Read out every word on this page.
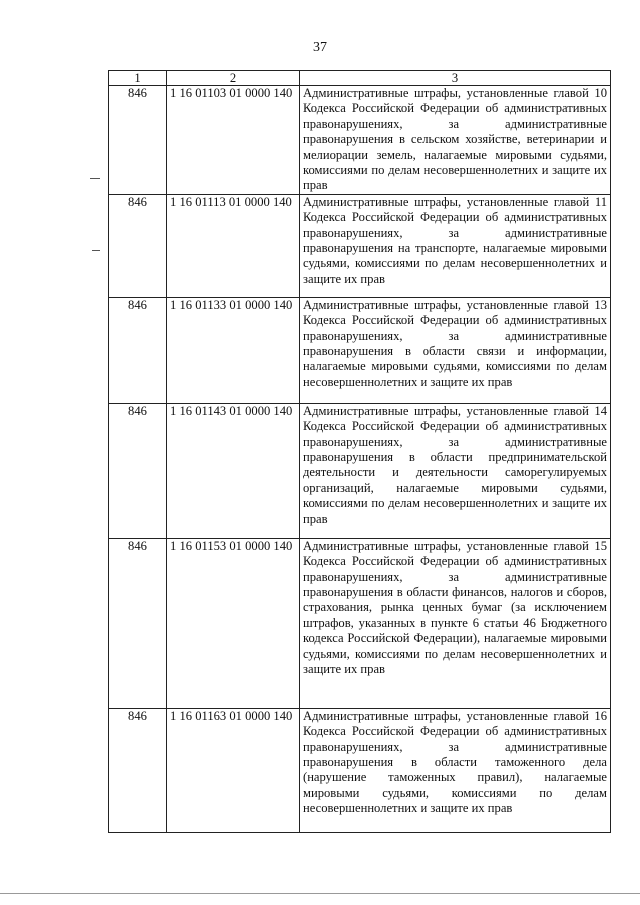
37
1	2	3
846	1 16 01103 01 0000 140	Административные штрафы, установленные главой 10 Кодекса Российской Федерации об административных правонарушениях, за административные правонарушения в сельском хозяйстве, ветеринарии и мелиорации земель, налагаемые мировыми судьями, комиссиями по делам несовершеннолетних и защите их прав

846	1 16 01113 01 0000 140	Административные штрафы, установленные главой 11 Кодекса Российской Федерации об административных правонарушениях, за административные правонарушения на транспорте, налагаемые мировыми судьями, комиссиями по делам несовершеннолетних и защите их прав

846	1 16 01133 01 0000 140	Административные штрафы, установленные главой 13 Кодекса Российской Федерации об административных правонарушениях, за административные правонарушения в области связи и информации, налагаемые мировыми судьями, комиссиями по делам несовершеннолетних и защите их прав

846	1 16 01143 01 0000 140	Административные штрафы, установленные главой 14 Кодекса Российской Федерации об административных правонарушениях, за административные правонарушения в области предпринимательской деятельности и деятельности саморегулируемых организаций, налагаемые мировыми судьями, комиссиями по делам несовершеннолетних и защите их прав

846	1 16 01153 01 0000 140	Административные штрафы, установленные главой 15 Кодекса Российской Федерации об административных правонарушениях, за административные правонарушения в области финансов, налогов и сборов, страхования, рынка ценных бумаг (за исключением штрафов, указанных в пункте 6 статьи 46 Бюджетного кодекса Российской Федерации), налагаемые мировыми судьями, комиссиями по делам несовершеннолетних и защите их прав

846	1 16 01163 01 0000 140	Административные штрафы, установленные главой 16 Кодекса Российской Федерации об административных правонарушениях, за административные правонарушения в области таможенного дела (нарушение таможенных правил), налагаемые мировыми судьями, комиссиями по делам несовершеннолетних и защите их прав
